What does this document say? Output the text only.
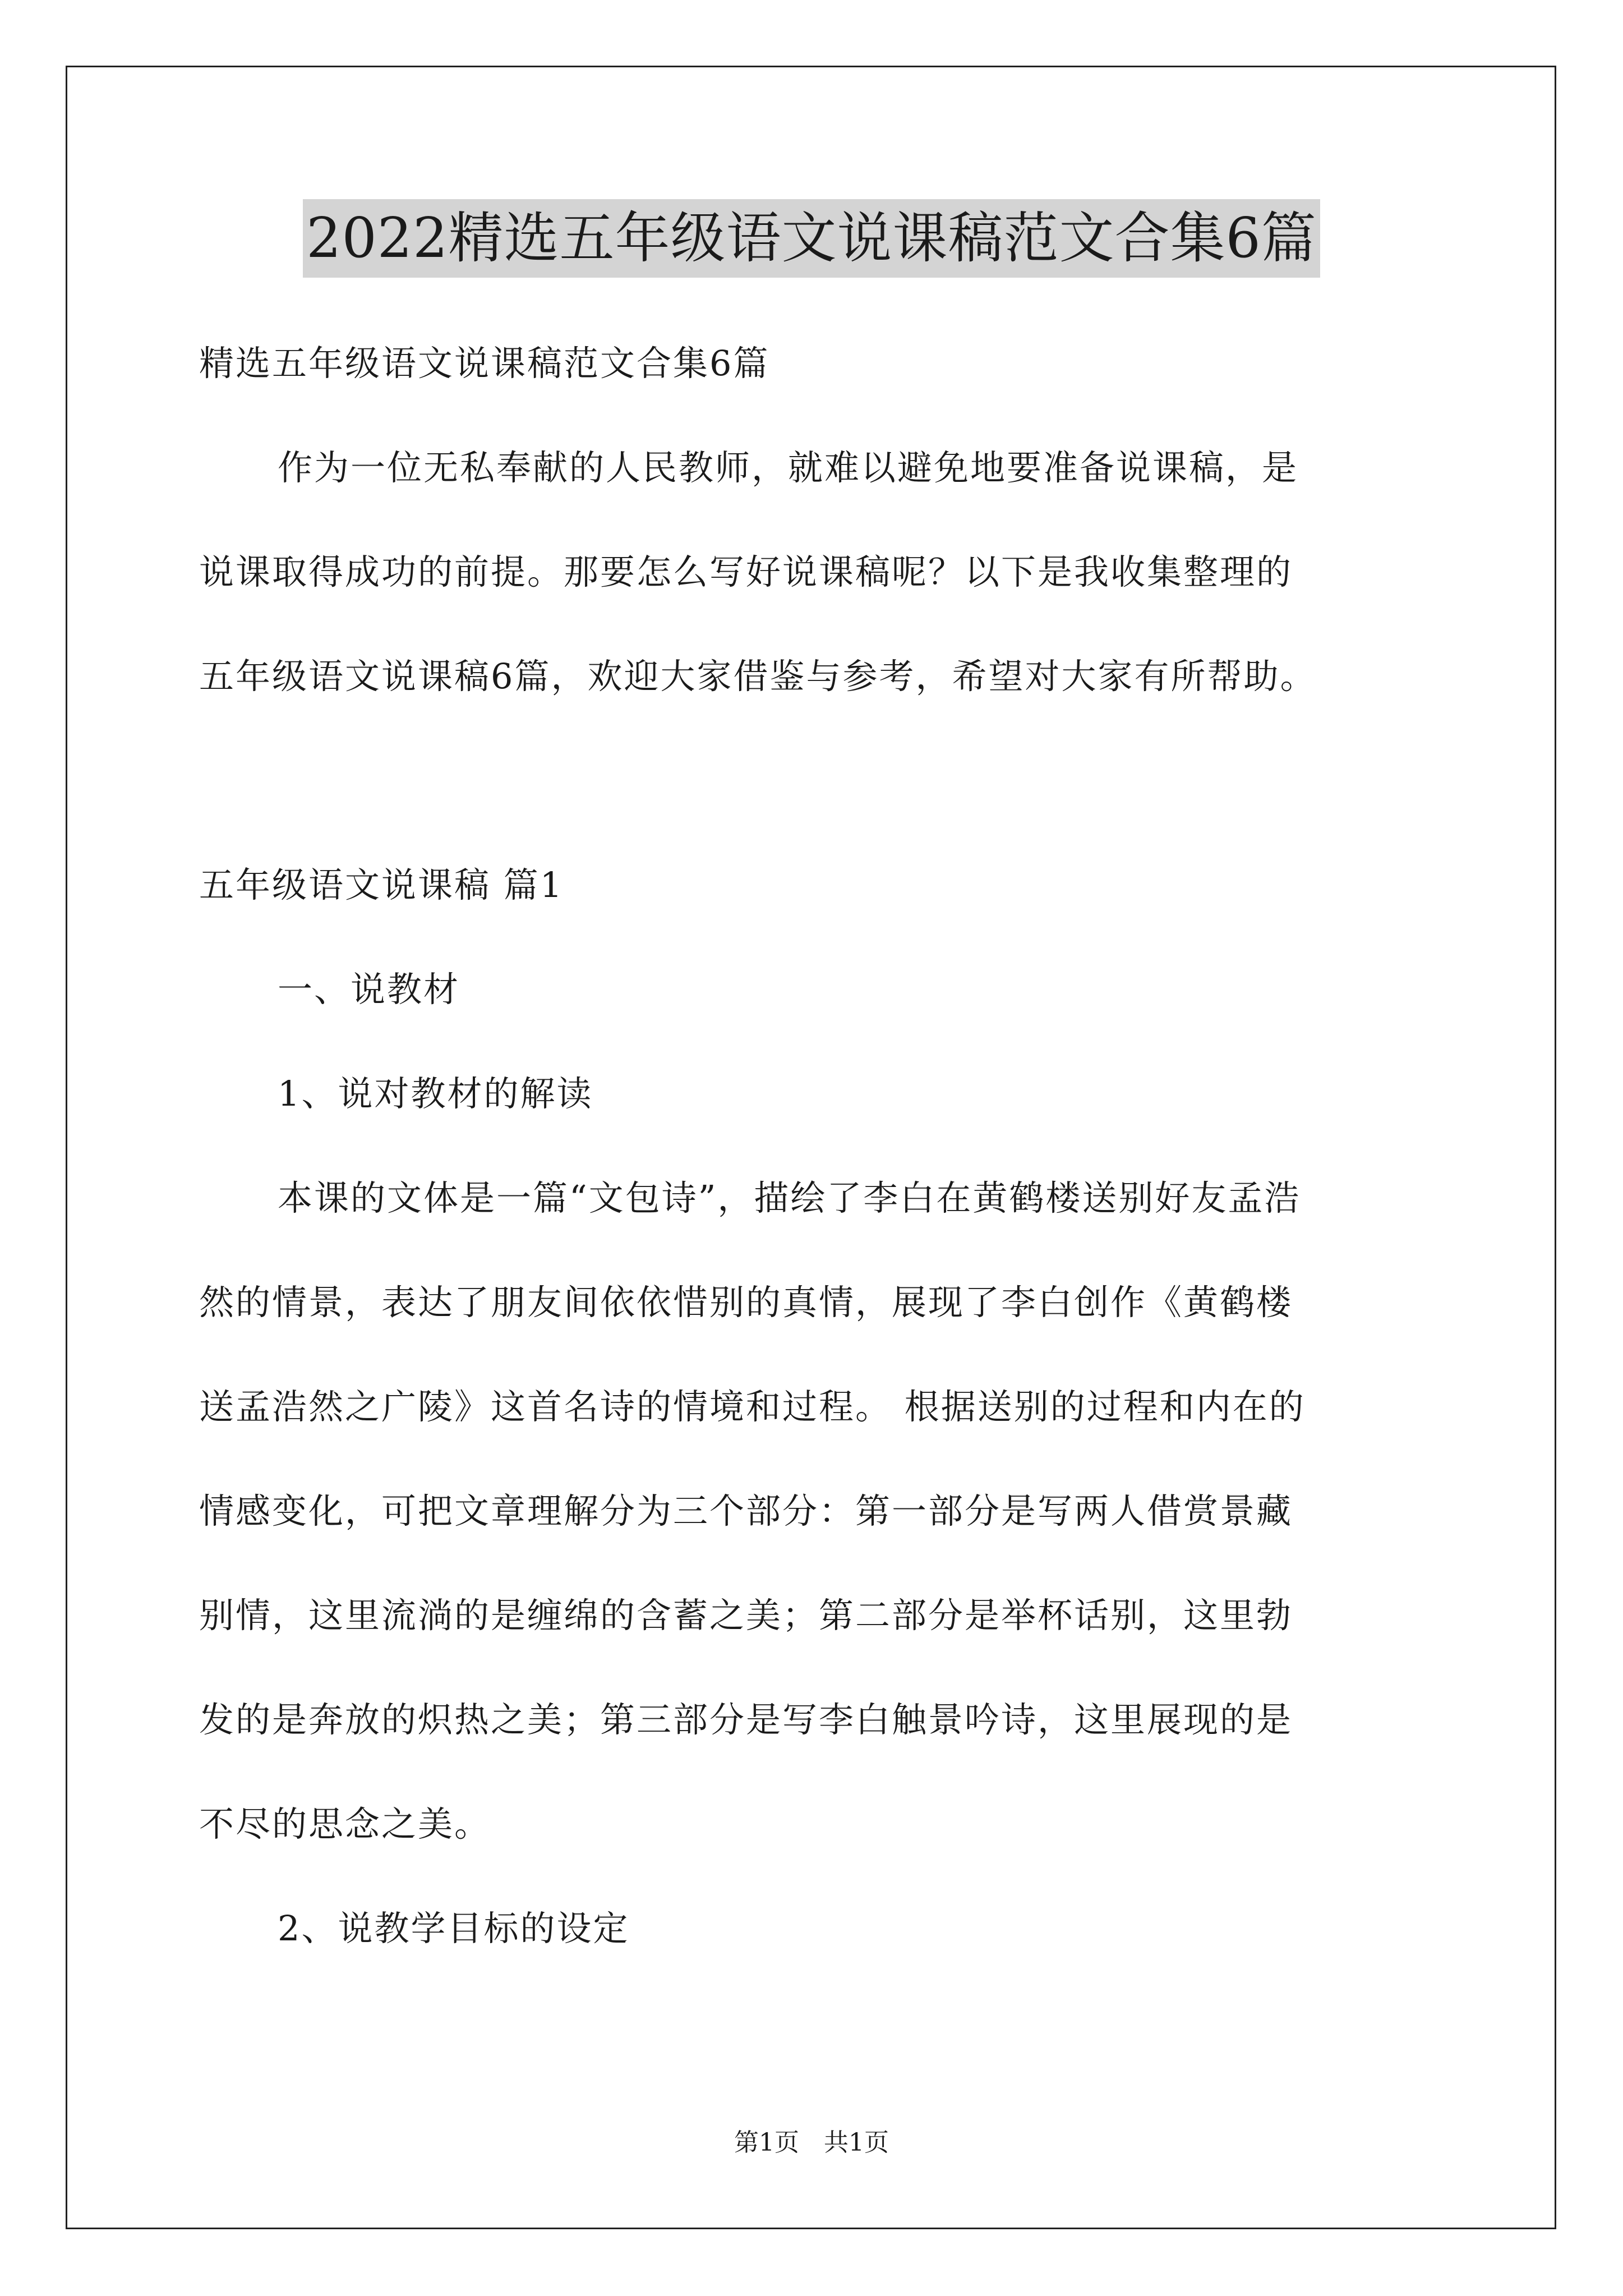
2022精选五年级语文说课稿范文合集6篇

精选五年级语文说课稿范文合集6篇

作为一位无私奉献的人民教师，就难以避免地要准备说课稿，是

说课取得成功的前提。那要怎么写好说课稿呢？以下是我收集整理的

五年级语文说课稿6篇，欢迎大家借鉴与参考，希望对大家有所帮助。

五年级语文说课稿 篇1

一、说教材

1、说对教材的解读

本课的文体是一篇“文包诗”，描绘了李白在黄鹤楼送别好友孟浩

然的情景，表达了朋友间依依惜别的真情，展现了李白创作《黄鹤楼

送孟浩然之广陵》这首名诗的情境和过程。 根据送别的过程和内在的

情感变化，可把文章理解分为三个部分：第一部分是写两人借赏景藏

别情，这里流淌的是缠绵的含蓄之美；第二部分是举杯话别，这里勃

发的是奔放的炽热之美；第三部分是写李白触景吟诗，这里展现的是

不尽的思念之美。

2、说教学目标的设定

第1页　共1页
